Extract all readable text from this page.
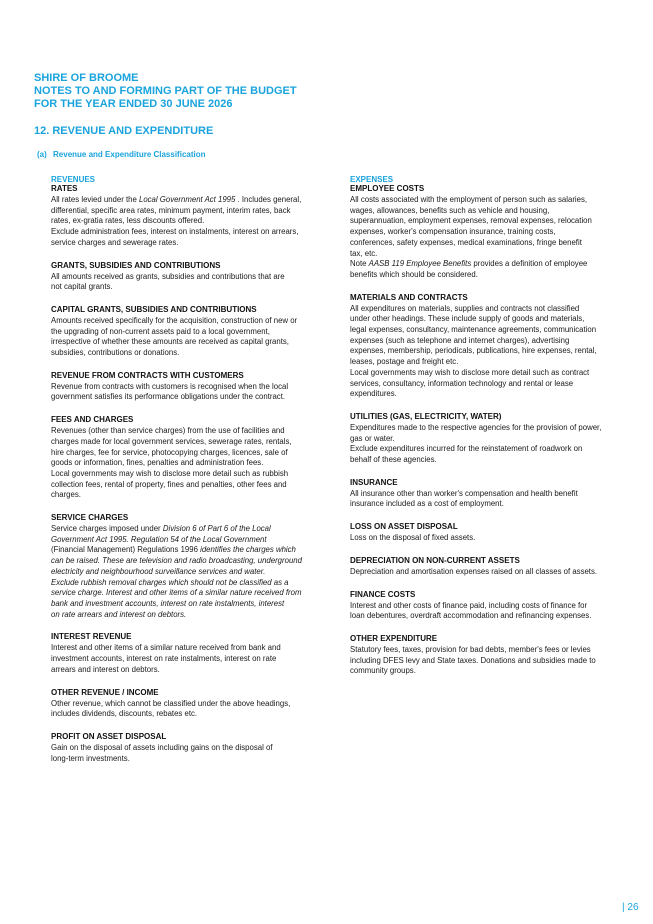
SHIRE OF BROOME
NOTES TO AND FORMING PART OF THE BUDGET
FOR THE YEAR ENDED 30 JUNE 2026
12. REVENUE AND EXPENDITURE
(a) Revenue and Expenditure Classification
REVENUES
RATES
All rates levied under the Local Government Act 1995 . Includes general,
differential, specific area rates, minimum payment, interim rates, back
rates, ex-gratia rates, less discounts offered.
Exclude administration fees, interest on instalments, interest on arrears,
service charges and sewerage rates.
GRANTS, SUBSIDIES AND CONTRIBUTIONS
All amounts received as grants, subsidies and contributions that are
not capital grants.
CAPITAL GRANTS, SUBSIDIES AND CONTRIBUTIONS
Amounts received specifically for the acquisition, construction of new or
the upgrading of non-current assets paid to a local government,
irrespective of whether these amounts are received as capital grants,
subsidies, contributions or donations.
REVENUE FROM CONTRACTS WITH CUSTOMERS
Revenue from contracts with customers is recognised when the local
government satisfies its performance obligations under the contract.
FEES AND CHARGES
Revenues (other than service charges) from the use of facilities and
charges made for local government services, sewerage rates, rentals,
hire charges, fee for service, photocopying charges, licences, sale of
goods or information, fines, penalties and administration fees.
Local governments may wish to disclose more detail such as rubbish
collection fees, rental of property, fines and penalties, other fees and
charges.
SERVICE CHARGES
Service charges imposed under Division 6 of Part 6 of the Local
Government Act 1995. Regulation 54 of the Local Government
(Financial Management) Regulations 1996 identifies the charges which
can be raised. These are television and radio broadcasting, underground
electricity and neighbourhood surveillance services and water.
Exclude rubbish removal charges which should not be classified as a
service charge. Interest and other items of a similar nature received from
bank and investment accounts, interest on rate instalments, interest
on rate arrears and interest on debtors.
INTEREST REVENUE
Interest and other items of a similar nature received from bank and
investment accounts, interest on rate instalments, interest on rate
arrears and interest on debtors.
OTHER REVENUE / INCOME
Other revenue, which cannot be classified under the above headings,
includes dividends, discounts, rebates etc.
PROFIT ON ASSET DISPOSAL
Gain on the disposal of assets including gains on the disposal of
long-term investments.
EXPENSES
EMPLOYEE COSTS
All costs associated with the employment of person such as salaries,
wages, allowances, benefits such as vehicle and housing,
superannuation, employment expenses, removal expenses, relocation
expenses, worker's compensation insurance, training costs,
conferences, safety expenses, medical examinations, fringe benefit
tax, etc.
Note AASB 119 Employee Benefits provides a definition of employee
benefits which should be considered.
MATERIALS AND CONTRACTS
All expenditures on materials, supplies and contracts not classified
under other headings. These include supply of goods and materials,
legal expenses, consultancy, maintenance agreements, communication
expenses (such as telephone and internet charges), advertising
expenses, membership, periodicals, publications, hire expenses, rental,
leases, postage and freight etc.
Local governments may wish to disclose more detail such as contract
services, consultancy, information technology and rental or lease
expenditures.
UTILITIES (GAS, ELECTRICITY, WATER)
Expenditures made to the respective agencies for the provision of power,
gas or water.
Exclude expenditures incurred for the reinstatement of roadwork on
behalf of these agencies.
INSURANCE
All insurance other than worker's compensation and health benefit
insurance included as a cost of employment.
LOSS ON ASSET DISPOSAL
Loss on the disposal of fixed assets.
DEPRECIATION ON NON-CURRENT ASSETS
Depreciation and amortisation expenses raised on all classes of assets.
FINANCE COSTS
Interest and other costs of finance paid, including costs of finance for
loan debentures, overdraft accommodation and refinancing expenses.
OTHER EXPENDITURE
Statutory fees, taxes, provision for bad debts, member's fees or levies
including DFES levy and State taxes. Donations and subsidies made to
community groups.
| 26
